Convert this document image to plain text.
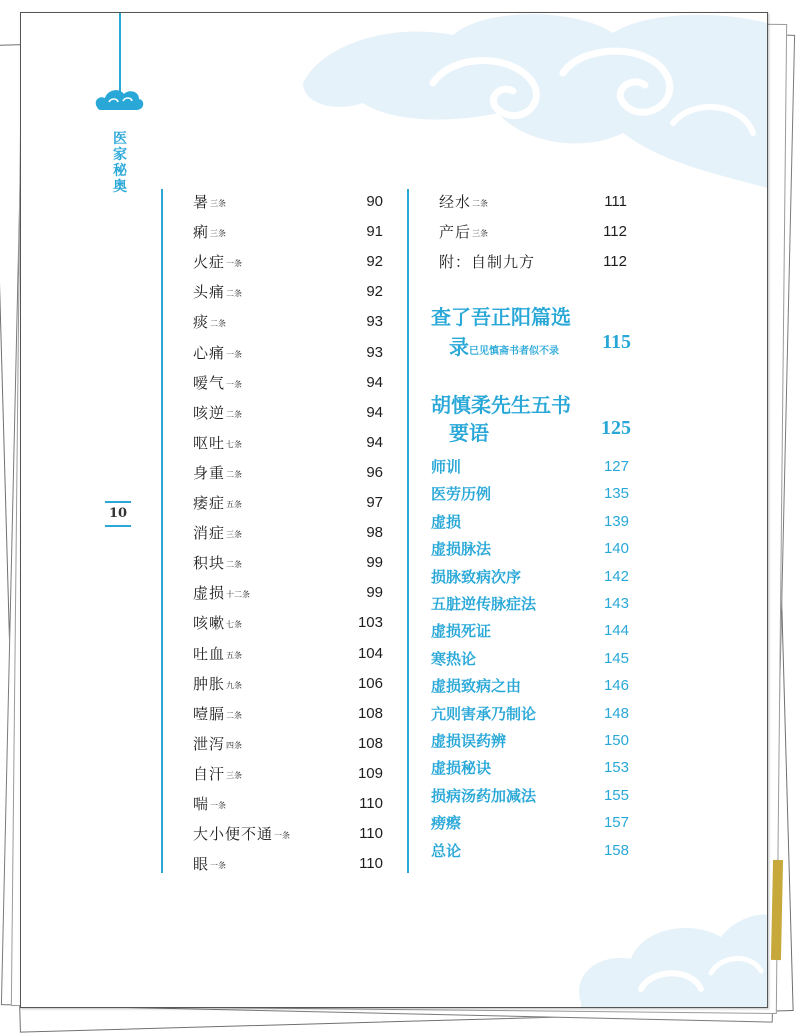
医家秘奥
10
暑 三条	90
痢 三条	91
火症 一条	92
头痛 二条	92
痰 二条	93
心痛 一条	93
嗳气 一条	94
咳逆 二条	94
呕吐 七条	94
身重 二条	96
痿症 五条	97
消症 三条	98
积块 二条	99
虚损 十二条	99
咳嗽 七条	103
吐血 五条	104
肿胀 九条	106
噎膈 二条	108
泄泻 四条	108
自汗 三条	109
喘 一条	110
大小便不通 一条	110
眼 一条	110
经水 二条	111
产后 三条	112
附：自制九方	112
查了吾正阳篇选
录已见慎斋书者似不录 115
胡慎柔先生五书
要语	125
师训	127
医劳历例	135
虚损	139
虚损脉法	140
损脉致病次序	142
五脏逆传脉症法	143
虚损死证	144
寒热论	145
虚损致病之由	146
亢则害承乃制论	148
虚损误药辨	150
虚损秘诀	153
损病汤药加减法	155
痨瘵	157
总论	158
